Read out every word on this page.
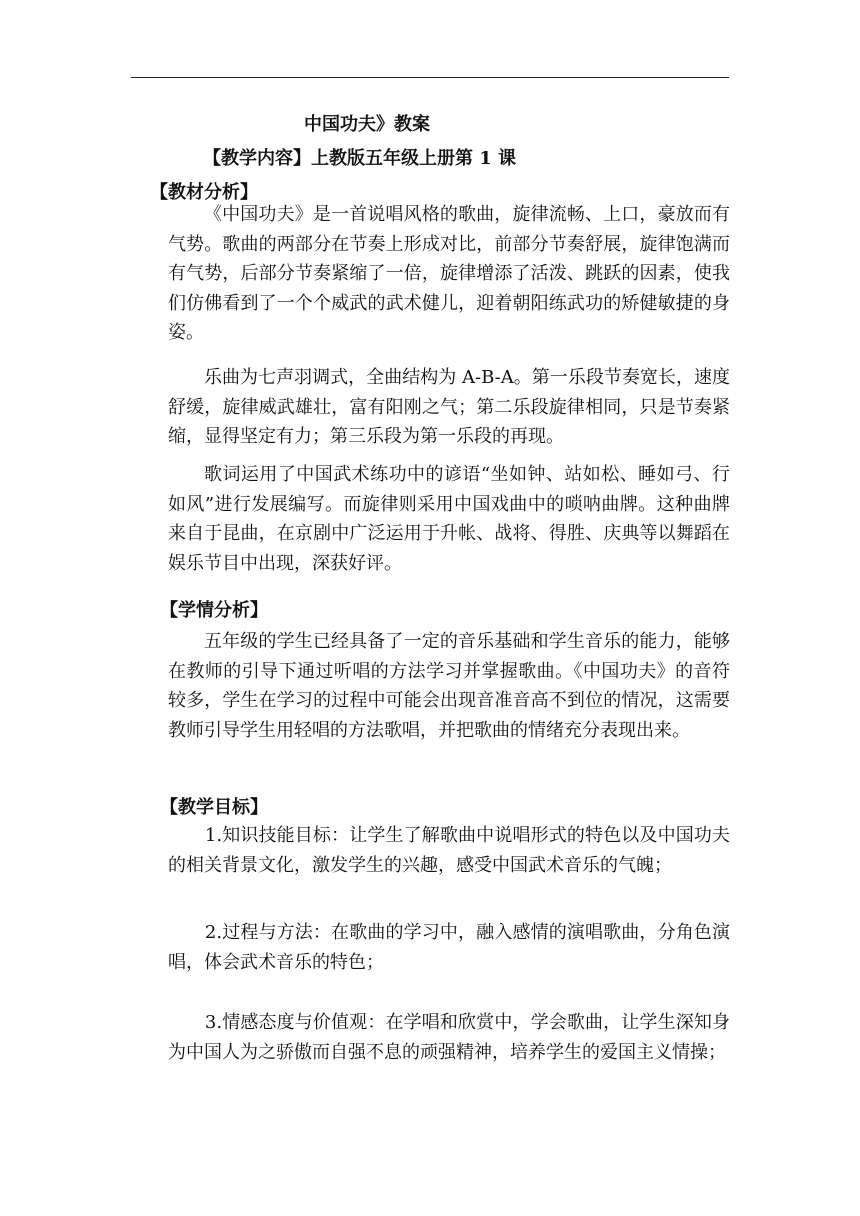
中国功夫》教案
【教学内容】上教版五年级上册第 1 课
【教材分析】

《中国功夫》是一首说唱风格的歌曲，旋律流畅、上口，豪放而有气势。歌曲的两部分在节奏上形成对比，前部分节奏舒展，旋律饱满而有气势，后部分节奏紧缩了一倍，旋律增添了活泼、跳跃的因素，使我们仿佛看到了一个个威武的武术健儿，迎着朝阳练武功的矫健敏捷的身姿。

乐曲为七声羽调式，全曲结构为 A-B-A。第一乐段节奏宽长，速度舒缓，旋律威武雄壮，富有阳刚之气；第二乐段旋律相同，只是节奏紧缩，显得坚定有力；第三乐段为第一乐段的再现。

歌词运用了中国武术练功中的谚语“坐如钟、站如松、睡如弓、行如风”进行发展编写。而旋律则采用中国戏曲中的唢呐曲牌。这种曲牌来自于昆曲，在京剧中广泛运用于升帐、战将、得胜、庆典等以舞蹈在娱乐节目中出现，深获好评。

【学情分析】

五年级的学生已经具备了一定的音乐基础和学生音乐的能力，能够在教师的引导下通过听唱的方法学习并掌握歌曲。《中国功夫》的音符较多，学生在学习的过程中可能会出现音准音高不到位的情况，这需要教师引导学生用轻唱的方法歌唱，并把歌曲的情绪充分表现出来。

【教学目标】

1.知识技能目标：让学生了解歌曲中说唱形式的特色以及中国功夫的相关背景文化，激发学生的兴趣，感受中国武术音乐的气魄；

2.过程与方法：在歌曲的学习中，融入感情的演唱歌曲，分角色演唱，体会武术音乐的特色；

3.情感态度与价值观：在学唱和欣赏中，学会歌曲，让学生深知身为中国人为之骄傲而自强不息的顽强精神，培养学生的爱国主义情操；
